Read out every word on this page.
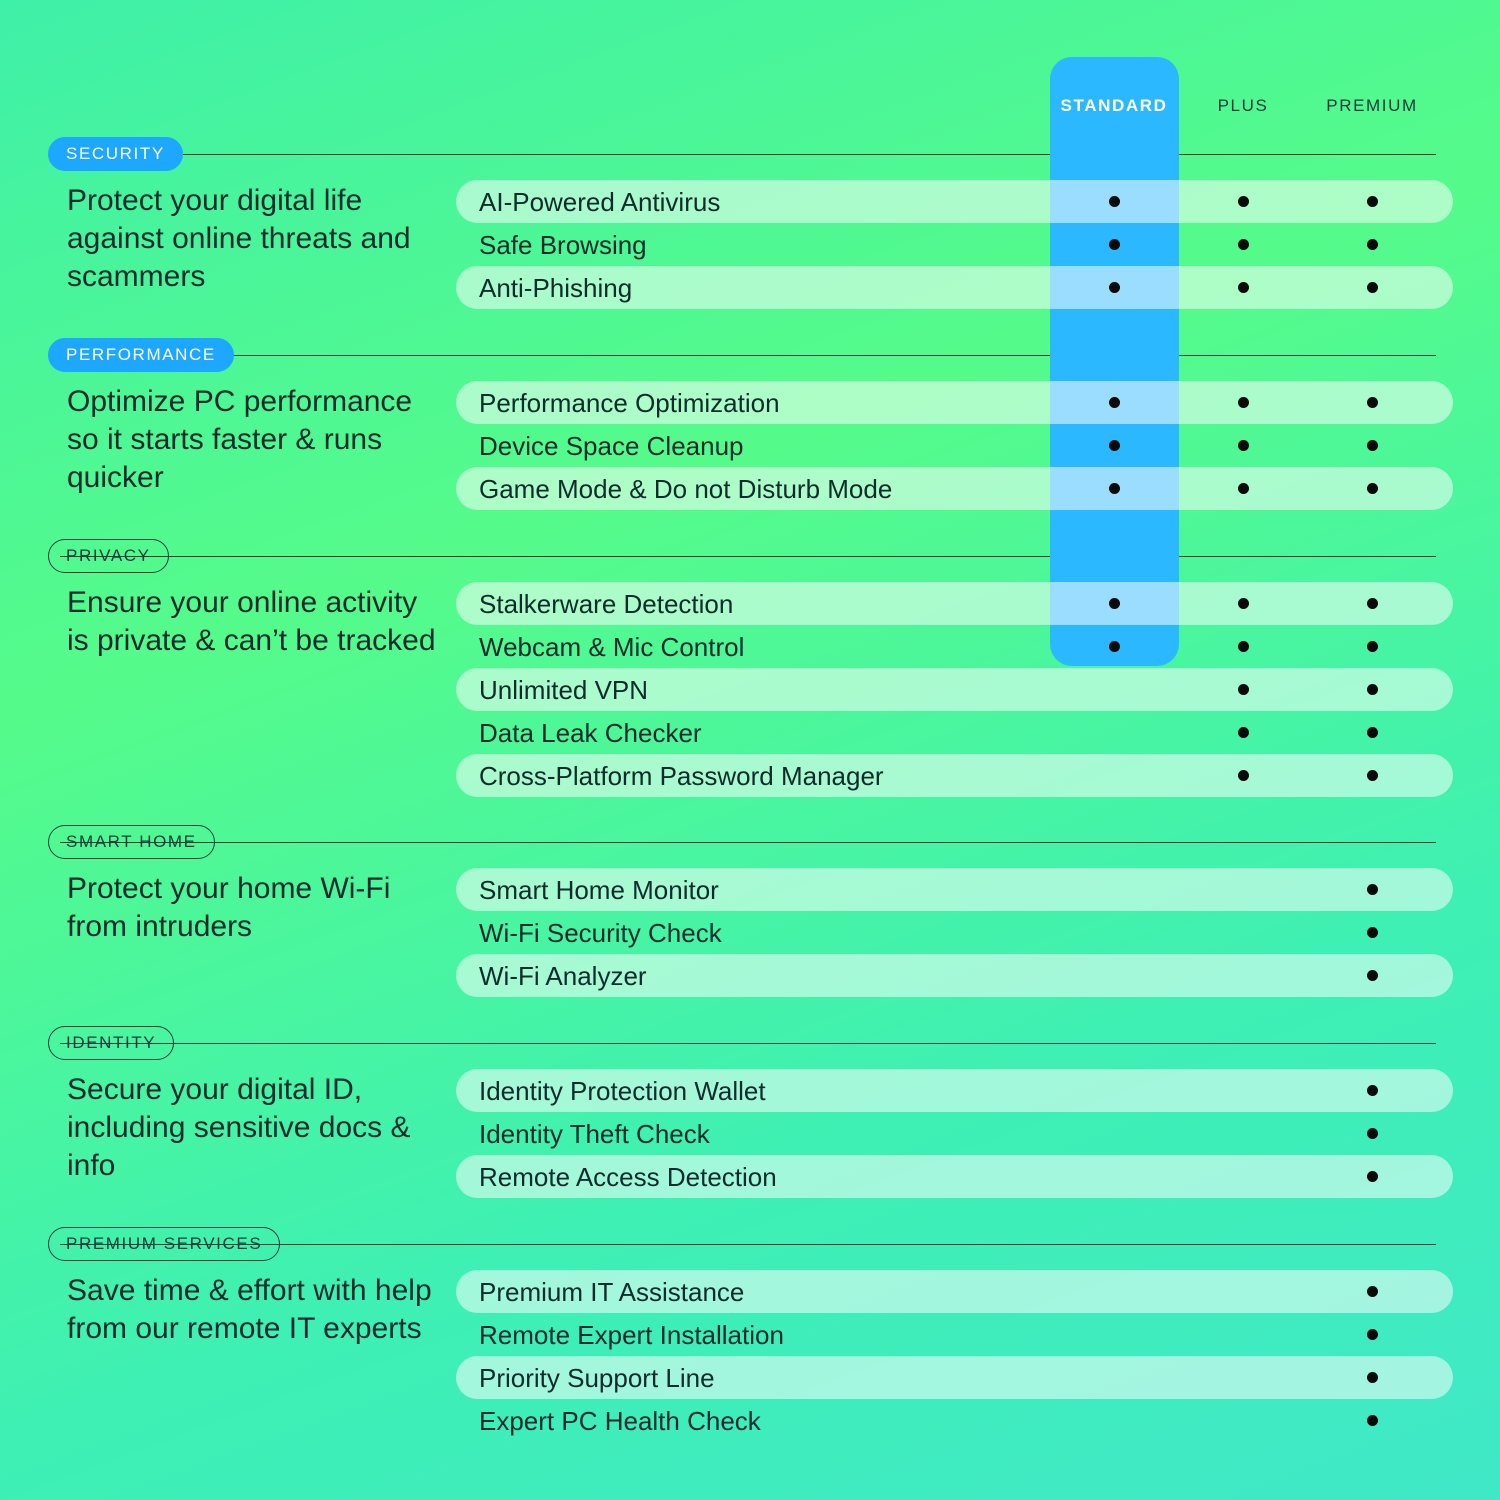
STANDARD	PLUS	PREMIUM
SECURITY
Protect your digital life against online threats and scammers
AI-Powered Antivirus
Safe Browsing
Anti-Phishing
PERFORMANCE
Optimize PC performance so it starts faster & runs quicker
Performance Optimization
Device Space Cleanup
Game Mode & Do not Disturb Mode
PRIVACY
Ensure your online activity is private & can’t be tracked
Stalkerware Detection
Webcam & Mic Control
Unlimited VPN
Data Leak Checker
Cross-Platform Password Manager
SMART HOME
Protect your home Wi-Fi from intruders
Smart Home Monitor
Wi-Fi Security Check
Wi-Fi Analyzer
IDENTITY
Secure your digital ID, including sensitive docs & info
Identity Protection Wallet
Identity Theft Check
Remote Access Detection
PREMIUM SERVICES
Save time & effort with help from our remote IT experts
Premium IT Assistance
Remote Expert Installation
Priority Support Line
Expert PC Health Check
